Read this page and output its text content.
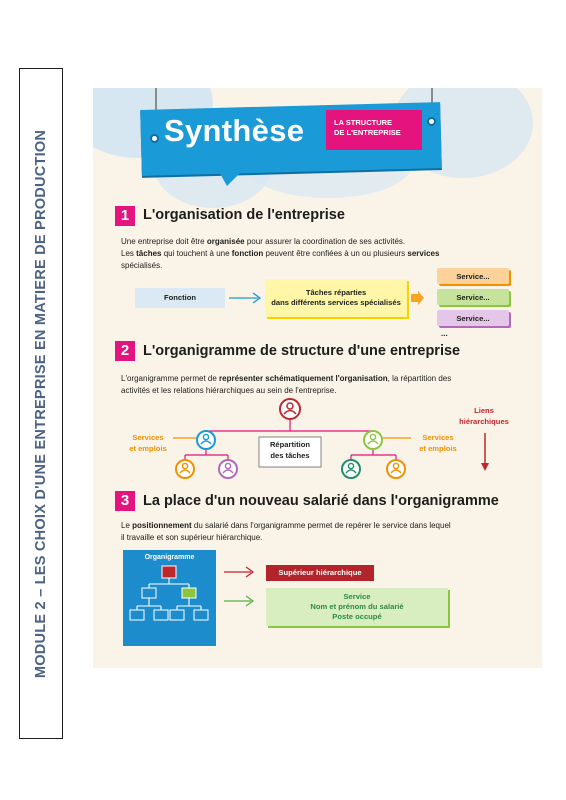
MODULE 2 – LES CHOIX D'UNE ENTREPRISE EN MATIERE DE PRODUCTION	Synthèse	LA STRUCTURE
DE L'ENTREPRISE
1 L'organisation de l'entreprise
Une entreprise doit être organisée pour assurer la coordination de ses activités.
Les tâches qui touchent à une fonction peuvent être confiées à un ou plusieurs services
spécialisés.
Fonction
Tâches réparties
dans différents services spécialisés
Service...
Service...
Service...
...
2 L'organigramme de structure d'une entreprise
L'organigramme permet de représenter schématiquement l'organisation, la répartition des
activités et les relations hiérarchiques au sein de l'entreprise.
Services
et emplois
Services
et emplois
Répartition
des tâches
Liens
hiérarchiques
3 La place d'un nouveau salarié dans l'organigramme
Le positionnement du salarié dans l'organigramme permet de repérer le service dans lequel
il travaille et son supérieur hiérarchique.
Organigramme
Supérieur hiérarchique
Service
Nom et prénom du salarié
Poste occupé
